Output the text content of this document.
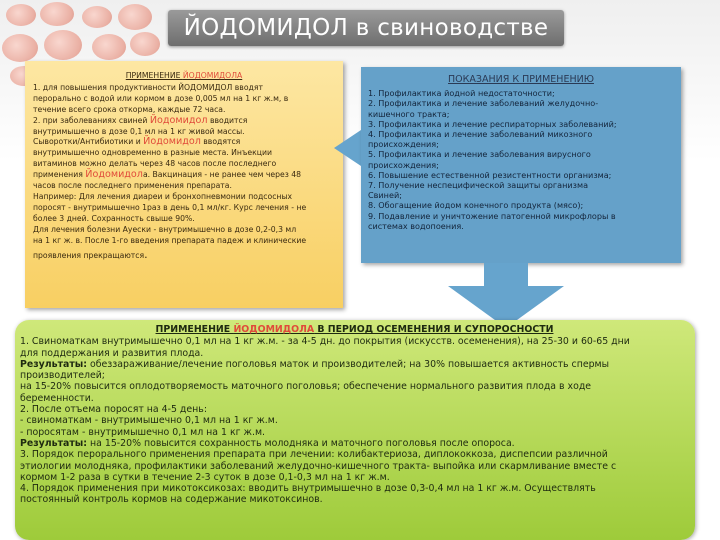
ЙОДОМИДОЛ в свиноводстве

ПРИМЕНЕНИЕ ЙОДОМИДОЛА

1. для повышения продуктивности ЙОДОМИДОЛ вводят

перорально с водой или кормом в дозе 0,005 мл на 1 кг ж.м, в

течение всего срока откорма, каждые 72 часа.

2. при заболеваниях свиней Йодомидол вводится

внутримышечно в дозе 0,1 мл на 1 кг живой массы.

Сыворотки/Антибиотики и Йодомидол вводятся

внутримышечно одновременно в разные места. Инъекции

витаминов можно делать через 48 часов после последнего

применения Йодомидола. Вакцинация - не ранее чем через 48

часов после последнего применения препарата.

Например: Для лечения диареи и бронхопневмонии подсосных

поросят - внутримышечно 1раз в день 0,1 мл/кг. Курс лечения - не

более 3 дней. Сохранность свыше 90%.

Для лечения болезни Ауески - внутримышечно в дозе 0,2-0,3 мл

на 1 кг ж. в. После 1-го введения препарата падеж и клинические

проявления прекращаются.

ПОКАЗАНИЯ К ПРИМЕНЕНИЮ

1. Профилактика йодной недостаточности;

2. Профилактика и лечение заболеваний желудочно-

кишечного тракта;

3. Профилактика и лечение респираторных заболеваний;

4. Профилактика и лечение заболеваний микозного

происхождения;

5. Профилактика и лечение заболевания вирусного

происхождения;

6. Повышение естественной резистентности организма;

7. Получение неспецифической защиты организма

Свиней;

8. Обогащение йодом конечного продукта (мясо);

9. Подавление и уничтожение патогенной микрофлоры в

системах водопоения.

ПРИМЕНЕНИЕ ЙОДОМИДОЛА В ПЕРИОД ОСЕМЕНЕНИЯ И СУПОРОСНОСТИ

1. Свиноматкам внутримышечно 0,1 мл на 1 кг ж.м. - за 4-5 дн. до покрытия (искусств. осеменения), на 25-30 и 60-65 дни

для поддержания и развития плода.

Результаты: обеззараживание/лечение поголовья маток и производителей; на 30% повышается активность спермы

производителей;

на 15-20% повысится оплодотворяемость маточного поголовья; обеспечение нормального развития плода в ходе

беременности.

2. После отъема поросят на 4-5 день:

- свиноматкам - внутримышечно 0,1 мл на 1 кг ж.м.

- поросятам - внутримышечно 0,1 мл на 1 кг ж.м.

Результаты: на 15-20% повысится сохранность молодняка и маточного поголовья после опороса.

3. Порядок перорального применения препарата при лечении: колибактериоза, диплококкоза, диспепсии различной

этиологии молодняка, профилактики заболеваний желудочно-кишечного тракта- выпойка или скармливание вместе с

кормом 1-2 раза в сутки в течение 2-3 суток в дозе 0,1-0,3 мл на 1 кг ж.м.

4. Порядок применения при микотоксикозах: вводить внутримышечно в дозе 0,3-0,4 мл на 1 кг ж.м. Осуществлять

постоянный контроль кормов на содержание микотоксинов.
